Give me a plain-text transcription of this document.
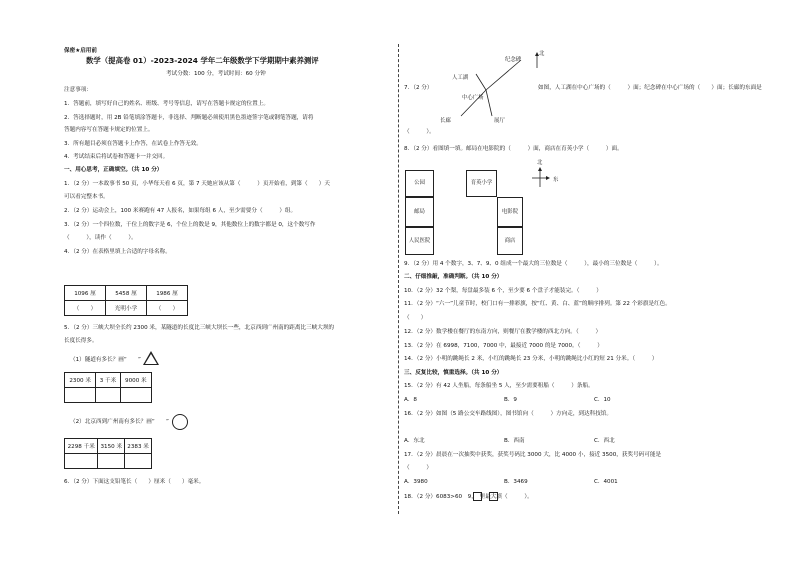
保密★启用前
数学（提高卷 01）-2023-2024 学年二年级数学下学期期中素养测评
考试分数：100 分，考试时间：60 分钟
注意事项：
1．答题前，填写好自己的姓名、班级、考号等信息，请写在答题卡规定的位置上。
2．答选择题时，用 2B 铅笔填涂答题卡，非选择、判断题必须使用黑色墨迹签字笔或钢笔答题，请将
答题内容写在答题卡规定的位置上。
3．所有题目必须在答题卡上作答，在试卷上作答无效。
4．考试结束后将试卷和答题卡一并交回。
一、用心思考，正确填空。（共 10 分）
1．（2 分）一本故事书 50 页，小华每天看 6 页，第 7 天她应该从第（　　　）页开始看，到第（　　）天
可以看完整本书。
2．（2 分）运动会上，100 米赛跑有 47 人报名，如果每组 6 人，至少需要分（　　　）组。
3．（2 分）一个四位数，千位上的数字是 6，个位上的数是 9，其他数位上的数字都是 0，这个数写作
（　　　），读作（　　　）。
4．（2 分）在表格里填上合适的字母名称。
1096 厘	5458 厘	1986 厘
（　　）	光明小学	（　　）
5．（2 分）三峡大坝全长约 2300 米，某隧道的长度比三峡大坝长一些，北京西到广州南的距离比三峡大坝的
长度长得多。
（1）隧道有多长？画“　　”
2300 米	3 千米	9000 米

（2）北京西到广州南有多长？画“　　”
2298 千米	3150 米	2383 米

6．（2 分）下面这支铅笔长（　　）厘米（　　）毫米。
7．（2 分）
北
纪念碑
人工湖
中心广场
长廊	展厅
如图，人工湖在中心广场的（　　　）面；纪念碑在中心广场的（　　）面；长廊的东面是
（　　　）。
8．（2 分）看图填一填。邮局在电影院的（　　　）面，商店在育英小学（　　　）面。
公园
邮局
人民医院
育英小学
电影院
商店
北
东
9．（2 分）用 4 个数字，3、7、9、0 组成一个最大的三位数是（　　　），最小的三位数是（　　　）。
二、仔细推敲，准确判断。（共 10 分）
10．（2 分）32 个梨，每盘最多装 6 个，至少要 6 个盘子才能装完。（　　　）
11．（2 分）“六一”儿童节时，校门口有一排彩旗，按“红、黄、白、蓝”的顺序排列。第 22 个彩旗是红色。
（　　）
12．（2 分）数学楼在餐厅的东南方向，则餐厅在教学楼的西北方向。（　　　）
13．（2 分）在 6998，7100，7000 中，最接近 7000 的是 7000。（　　　）
14．（2 分）小明的跳绳长 2 米，小红的跳绳长 23 分米，小明的跳绳比小红的短 21 分米。（　　　）
三、反复比较，慎重选择。（共 10 分）
15．（2 分）有 42 人坐船，每条船坐 5 人，至少需要租船（　　　）条船。
A．8	B．9	C．10
16．（2 分）如图（5 路公交车路线图），图书馆向（　　　）方向走，到达科技馆。
A．东北	B．西南	C．西北
17．（2 分）晨晨在一次抽奖中获奖，获奖号码比 3000 大，比 4000 小，接近 3500，获奖号码可能是
（　　　）
A．3980	B．3469	C．4001
18．（2 分）6083>60　9，　里最大填（　　　）。
